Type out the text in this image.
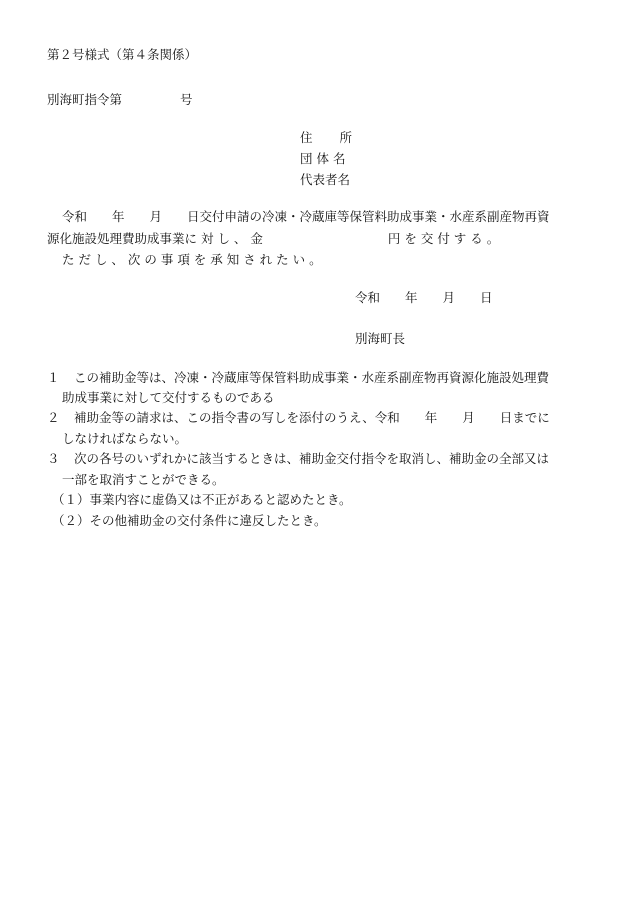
第２号様式（第４条関係）
別海町指令第	号
住 所
団 体 名
代表者名
令和　　年　　月　　日交付申請の冷凍・冷蔵庫等保管料助成事業・水産系副産物再資
源化施設処理費助成事業に 対 し 、 金　　　　　　　　　　円 を 交 付 す る 。
た だ し 、 次 の 事 項 を 承 知 さ れ た い 。
令和　　年　　月　　日
別海町長
１ この補助金等は、冷凍・冷蔵庫等保管料助成事業・水産系副産物再資源化施設処理費
助成事業に対して交付するものである
２ 補助金等の請求は、この指令書の写しを添付のうえ、令和　　年　　月　　日までに
しなければならない。
３ 次の各号のいずれかに該当するときは、補助金交付指令を取消し、補助金の全部又は
一部を取消すことができる。
（１）事業内容に虚偽又は不正があると認めたとき。
（２）その他補助金の交付条件に違反したとき。
